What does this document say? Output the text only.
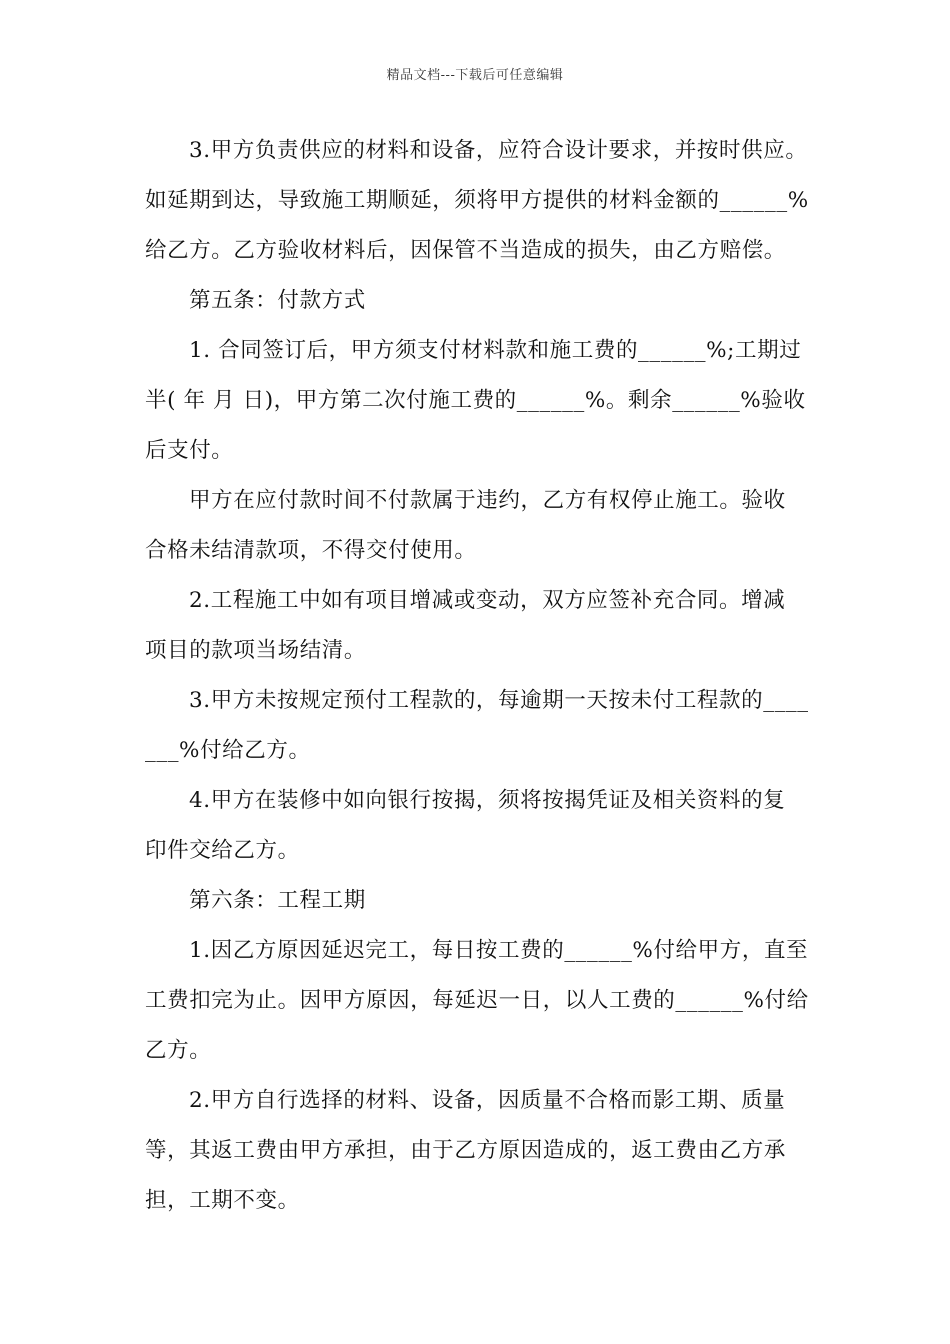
精品文档---下载后可任意编辑
3.甲方负责供应的材料和设备，应符合设计要求，并按时供应。
如延期到达，导致施工期顺延，须将甲方提供的材料金额的______%
给乙方。乙方验收材料后，因保管不当造成的损失，由乙方赔偿。
第五条：付款方式
1. 合同签订后，甲方须支付材料款和施工费的______%;工期过
半( 年 月 日)，甲方第二次付施工费的______%。剩余______%验收
后支付。
甲方在应付款时间不付款属于违约，乙方有权停止施工。验收
合格未结清款项，不得交付使用。
2.工程施工中如有项目增减或变动，双方应签补充合同。增减
项目的款项当场结清。
3.甲方未按规定预付工程款的，每逾期一天按未付工程款的____
___%付给乙方。
4.甲方在装修中如向银行按揭，须将按揭凭证及相关资料的复
印件交给乙方。
第六条：工程工期
1.因乙方原因延迟完工，每日按工费的______%付给甲方，直至
工费扣完为止。因甲方原因，每延迟一日，以人工费的______%付给
乙方。
2.甲方自行选择的材料、设备，因质量不合格而影工期、质量
等，其返工费由甲方承担，由于乙方原因造成的，返工费由乙方承
担，工期不变。
